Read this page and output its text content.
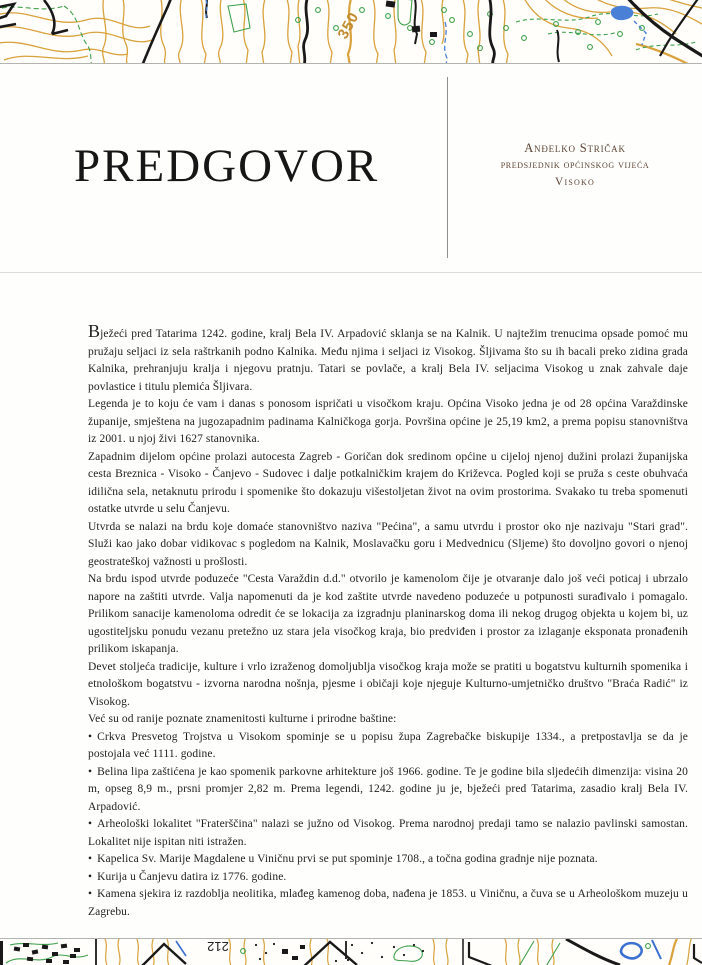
350
PREDGOVOR	Anđelko Stričak
predsjednik općinskog vijeća
Visoko

Bježeći pred Tatarima 1242. godine, kralj Bela IV. Arpadović sklanja se na Kalnik. U najtežim trenucima opsade pomoć mu pružaju seljaci iz sela raštrkanih podno Kalnika. Među njima i seljaci iz Visokog. Šljivama što su ih bacali preko zidina grada Kalnika, prehranjuju kralja i njegovu pratnju. Tatari se povlače, a kralj Bela IV. seljacima Visokog u znak zahvale daje povlastice i titulu plemića Šljivara.

Legenda je to koju će vam i danas s ponosom ispričati u visočkom kraju. Općina Visoko jedna je od 28 općina Varaždinske županije, smještena na jugozapadnim padinama Kalničkoga gorja. Površina općine je 25,19 km2, a prema popisu stanovništva iz 2001. u njoj živi 1627 stanovnika.

Zapadnim dijelom općine prolazi autocesta Zagreb - Goričan dok sredinom općine u cijeloj njenoj dužini prolazi županijska cesta Breznica - Visoko - Čanjevo - Sudovec i dalje potkalničkim krajem do Križevca. Pogled koji se pruža s ceste obuhvaća idilična sela, netaknutu prirodu i spomenike što dokazuju višestoljetan život na ovim prostorima. Svakako tu treba spomenuti ostatke utvrde u selu Čanjevu.

Utvrda se nalazi na brdu koje domaće stanovništvo naziva "Pećina", a samu utvrdu i prostor oko nje nazivaju "Stari grad". Služi kao jako dobar vidikovac s pogledom na Kalnik, Moslavačku goru i Medvednicu (Sljeme) što dovoljno govori o njenoj geostrateškoj važnosti u prošlosti.

Na brdu ispod utvrde poduzeće "Cesta Varaždin d.d." otvorilo je kamenolom čije je otvaranje dalo još veći poticaj i ubrzalo napore na zaštiti utvrde. Valja napomenuti da je kod zaštite utvrde navedeno poduzeće u potpunosti surađivalo i pomagalo. Prilikom sanacije kamenoloma odredit će se lokacija za izgradnju planinarskog doma ili nekog drugog objekta u kojem bi, uz ugostiteljsku ponudu vezanu pretežno uz stara jela visočkog kraja, bio predviđen i prostor za izlaganje eksponata pronađenih prilikom iskapanja.

Devet stoljeća tradicije, kulture i vrlo izraženog domoljublja visočkog kraja može se pratiti u bogatstvu kulturnih spomenika i etnološkom bogatstvu - izvorna narodna nošnja, pjesme i običaji koje njeguje Kulturno-umjetničko društvo "Braća Radić" iz Visokog.

Već su od ranije poznate znamenitosti kulturne i prirodne baštine:

• Crkva Presvetog Trojstva u Visokom spominje se u popisu župa Zagrebačke biskupije 1334., a pretpostavlja se da je postojala već 1111. godine.

• Belina lipa zaštićena je kao spomenik parkovne arhitekture još 1966. godine. Te je godine bila sljedećih dimenzija: visina 20 m, opseg 8,9 m., prsni promjer 2,82 m. Prema legendi, 1242. godine ju je, bježeći pred Tatarima, zasadio kralj Bela IV. Arpadović.

• Arheološki lokalitet "Fraterščina" nalazi se južno od Visokog. Prema narodnoj predaji tamo se nalazio pavlinski samostan. Lokalitet nije ispitan niti istražen.

• Kapelica Sv. Marije Magdalene u Viničnu prvi se put spominje 1708., a točna godina gradnje nije poznata.

• Kurija u Čanjevu datira iz 1776. godine.

• Kamena sjekira iz razdoblja neolitika, mlađeg kamenog doba, nađena je 1853. u Viničnu, a čuva se u Arheološkom muzeju u Zagrebu.

212
